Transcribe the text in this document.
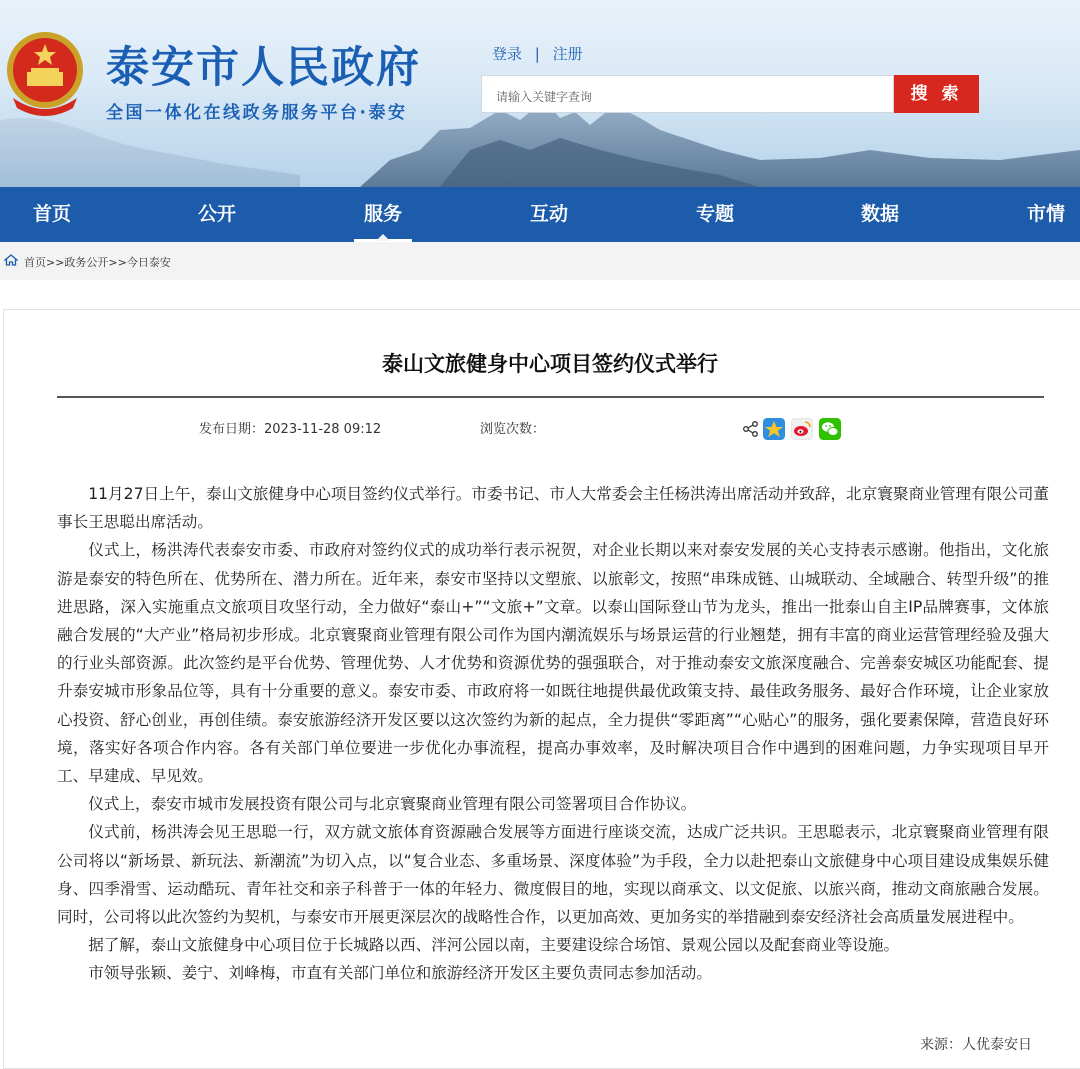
泰安市人民政府
全国一体化在线政务服务平台·泰安
登录 | 注册
请输入关键字查询	搜 索
首页	公开	服务	互动	专题	数据	市情
首页>>政务公开>>今日泰安
泰山文旅健身中心项目签约仪式举行
发布日期：2023-11-28 09:12	浏览次数：

11月27日上午，泰山文旅健身中心项目签约仪式举行。市委书记、市人大常委会主任杨洪涛出席活动并致辞，北京寰聚商业管理有限公司董事长王思聪出席活动。

仪式上，杨洪涛代表泰安市委、市政府对签约仪式的成功举行表示祝贺，对企业长期以来对泰安发展的关心支持表示感谢。他指出，文化旅游是泰安的特色所在、优势所在、潜力所在。近年来，泰安市坚持以文塑旅、以旅彰文，按照“串珠成链、山城联动、全域融合、转型升级”的推进思路，深入实施重点文旅项目攻坚行动，全力做好“泰山+”“文旅+”文章。以泰山国际登山节为龙头，推出一批泰山自主IP品牌赛事，文体旅融合发展的“大产业”格局初步形成。北京寰聚商业管理有限公司作为国内潮流娱乐与场景运营的行业翘楚，拥有丰富的商业运营管理经验及强大的行业头部资源。此次签约是平台优势、管理优势、人才优势和资源优势的强强联合，对于推动泰安文旅深度融合、完善泰安城区功能配套、提升泰安城市形象品位等，具有十分重要的意义。泰安市委、市政府将一如既往地提供最优政策支持、最佳政务服务、最好合作环境，让企业家放心投资、舒心创业，再创佳绩。泰安旅游经济开发区要以这次签约为新的起点，全力提供“零距离”“心贴心”的服务，强化要素保障，营造良好环境，落实好各项合作内容。各有关部门单位要进一步优化办事流程，提高办事效率，及时解决项目合作中遇到的困难问题，力争实现项目早开工、早建成、早见效。

仪式上，泰安市城市发展投资有限公司与北京寰聚商业管理有限公司签署项目合作协议。

仪式前，杨洪涛会见王思聪一行，双方就文旅体育资源融合发展等方面进行座谈交流，达成广泛共识。王思聪表示，北京寰聚商业管理有限公司将以“新场景、新玩法、新潮流”为切入点，以“复合业态、多重场景、深度体验”为手段，全力以赴把泰山文旅健身中心项目建设成集娱乐健身、四季滑雪、运动酷玩、青年社交和亲子科普于一体的年轻力、微度假目的地，实现以商承文、以文促旅、以旅兴商，推动文商旅融合发展。同时，公司将以此次签约为契机，与泰安市开展更深层次的战略性合作，以更加高效、更加务实的举措融到泰安经济社会高质量发展进程中。

据了解，泰山文旅健身中心项目位于长城路以西、泮河公园以南，主要建设综合场馆、景观公园以及配套商业等设施。

市领导张颖、姜宁、刘峰梅，市直有关部门单位和旅游经济开发区主要负责同志参加活动。

来源：人优泰安日
